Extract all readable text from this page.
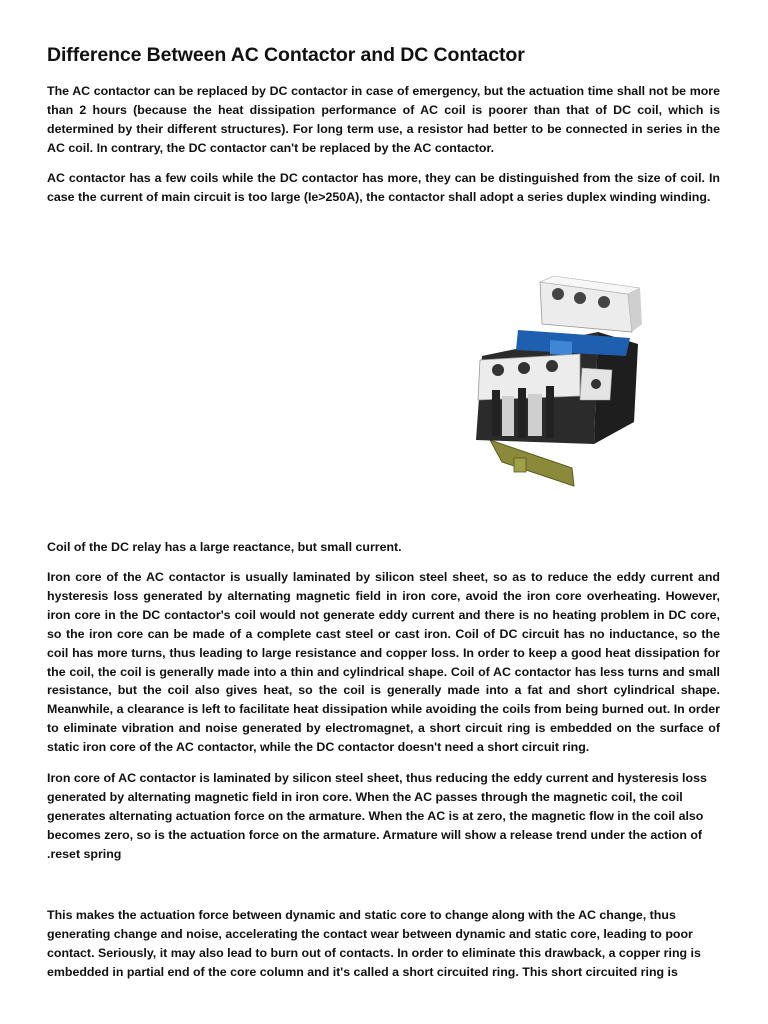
Difference Between AC Contactor and DC Contactor

The AC contactor can be replaced by DC contactor in case of emergency, but the actuation time shall not be more than 2 hours (because the heat dissipation performance of AC coil is poorer than that of DC coil, which is determined by their different structures). For long term use, a resistor had better to be connected in series in the AC coil. In contrary, the DC contactor can't be replaced by the AC contactor.

AC contactor has a few coils while the DC contactor has more, they can be distinguished from the size of coil. In case the current of main circuit is too large (Ie>250A), the contactor shall adopt a series duplex winding winding.

Coil of the DC relay has a large reactance, but small current.

Iron core of the AC contactor is usually laminated by silicon steel sheet, so as to reduce the eddy current and hysteresis loss generated by alternating magnetic field in iron core, avoid the iron core overheating. However, iron core in the DC contactor's coil would not generate eddy current and there is no heating problem in DC core, so the iron core can be made of a complete cast steel or cast iron. Coil of DC circuit has no inductance, so the coil has more turns, thus leading to large resistance and copper loss. In order to keep a good heat dissipation for the coil, the coil is generally made into a thin and cylindrical shape. Coil of AC contactor has less turns and small resistance, but the coil also gives heat, so the coil is generally made into a fat and short cylindrical shape. Meanwhile, a clearance is left to facilitate heat dissipation while avoiding the coils from being burned out. In order to eliminate vibration and noise generated by electromagnet, a short circuit ring is embedded on the surface of static iron core of the AC contactor, while the DC contactor doesn't need a short circuit ring.

Iron core of AC contactor is laminated by silicon steel sheet, thus reducing the eddy current and hysteresis loss generated by alternating magnetic field in iron core. When the AC passes through the magnetic coil, the coil generates alternating actuation force on the armature. When the AC is at zero, the magnetic flow in the coil also becomes zero, so is the actuation force on the armature. Armature will show a release trend under the action of .reset spring

This makes the actuation force between dynamic and static core to change along with the AC change, thus generating change and noise, accelerating the contact wear between dynamic and static core, leading to poor contact. Seriously, it may also lead to burn out of contacts. In order to eliminate this drawback, a copper ring is embedded in partial end of the core column and it's called a short circuited ring. This short circuited ring is
